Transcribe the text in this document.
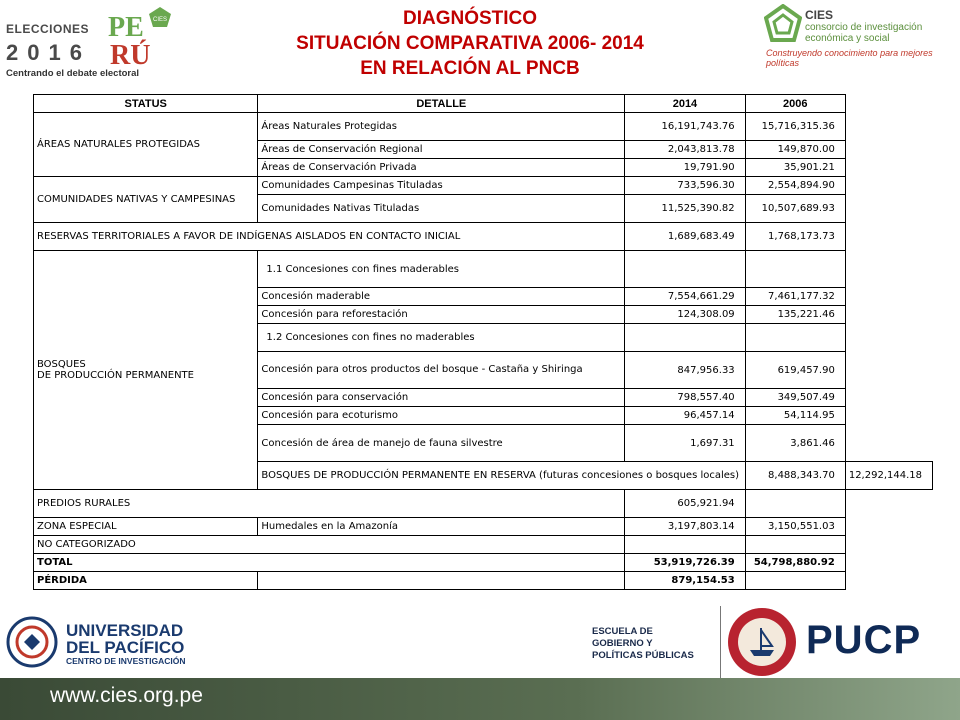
ELECCIONES
2016
PE
RÚ
CIES
Centrando el debate electoral
DIAGNÓSTICO
SITUACIÓN COMPARATIVA 2006- 2014
EN RELACIÓN AL PNCB
CIES
consorcio de investigación
económica y social
Construyendo conocimiento para mejores políticas
STATUS	DETALLE	2014	2006	
ÁREAS NATURALES PROTEGIDAS	Áreas Naturales Protegidas	16,191,743.76	15,716,315.36	
	Áreas de Conservación Regional	2,043,813.78	149,870.00	
	Áreas de Conservación Privada	19,791.90	35,901.21	
COMUNIDADES NATIVAS Y CAMPESINAS	Comunidades Campesinas Tituladas	733,596.30	2,554,894.90	
	Comunidades Nativas Tituladas	11,525,390.82	10,507,689.93	
RESERVAS TERRITORIALES A FAVOR DE INDÍGENAS AISLADOS EN CONTACTO INICIAL		1,689,683.49	1,768,173.73	

BOSQUES
DE PRODUCCIÓN PERMANENTE	1.1 Concesiones con fines maderables			
	Concesión maderable	7,554,661.29	7,461,177.32	
	Concesión para reforestación	124,308.09	135,221.46	
	1.2 Concesiones con fines no maderables			
	Concesión para otros productos del bosque - Castaña y Shiringa	847,956.33	619,457.90	
	Concesión para conservación	798,557.40	349,507.49	
	Concesión para ecoturismo	96,457.14	54,114.95	
	Concesión de área de manejo de fauna silvestre	1,697.31	3,861.46	
	BOSQUES DE PRODUCCIÓN PERMANENTE EN RESERVA (futuras concesiones o bosques locales)		8,488,343.70	12,292,144.18
PREDIOS RURALES		605,921.94		
ZONA ESPECIAL	Humedales en la Amazonía	3,197,803.14	3,150,551.03	
NO CATEGORIZADO				
TOTAL		53,919,726.39	54,798,880.92	
PÉRDIDA		879,154.53		
UNIVERSIDAD
DEL PACÍFICO
CENTRO DE INVESTIGACIÓN
ESCUELA DE
GOBIERNO Y
POLÍTICAS PÚBLICAS	PUCP
www.cies.org.pe
